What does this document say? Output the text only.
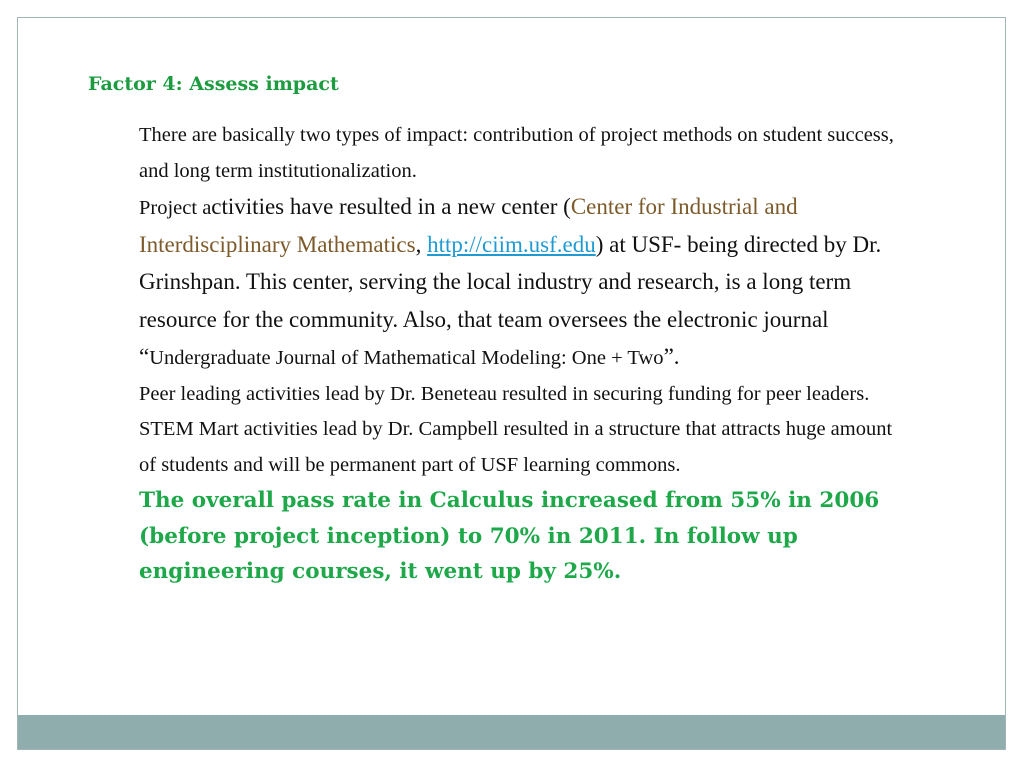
Factor 4: Assess impact

There are basically two types of impact: contribution of project methods on student success, and long term institutionalization.

Project activities have resulted in a new center (Center for Industrial and Interdisciplinary Mathematics, http://ciim.usf.edu) at USF- being directed by Dr. Grinshpan. This center, serving the local industry and research, is a long term resource for the community. Also, that team oversees the electronic journal “Undergraduate Journal of Mathematical Modeling: One + Two”.

Peer leading activities lead by Dr. Beneteau resulted in securing funding for peer leaders.

STEM Mart activities lead by Dr. Campbell resulted in a structure that attracts huge amount of students and will be permanent part of USF learning commons.

The overall pass rate in Calculus increased from 55% in 2006 (before project inception) to 70% in 2011. In follow up engineering courses, it went up by 25%.
